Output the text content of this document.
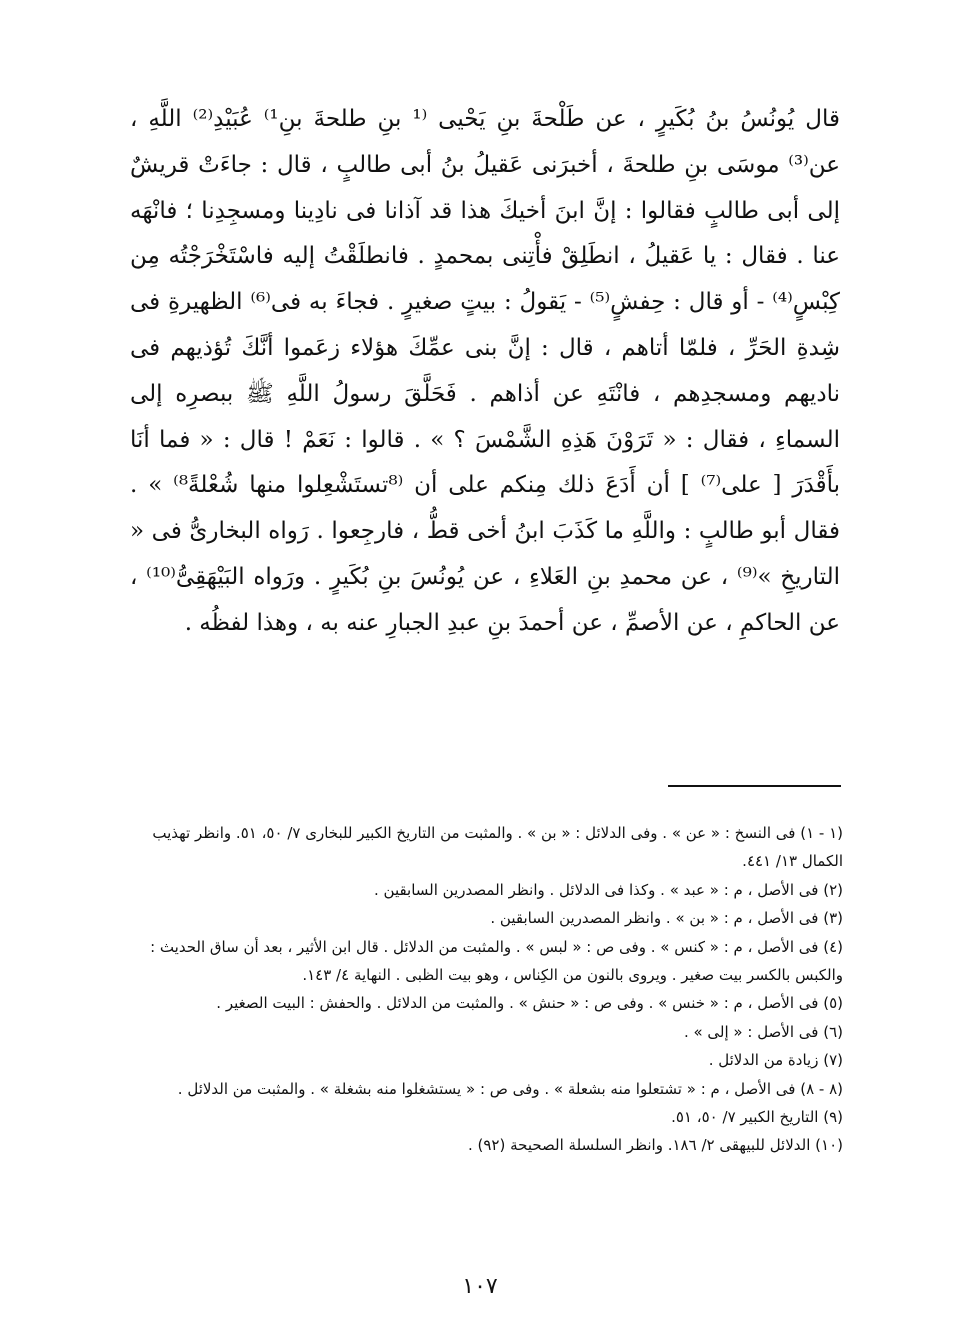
قال يُونُسُ بنُ بُكَيرٍ ، عن طَلْحةَ بنِ يَحْيى ⁽¹ بنِ طلحةَ بنِ¹⁾ عُبَيْدِ⁽²⁾ اللَّهِ ، عن⁽³⁾ موسَى بنِ طلحةَ ، أخبرَنى عَقيلُ بنُ أبى طالبٍ ، قال : جاءَتْ قريشٌ إلى أبى طالبٍ فقالوا : إنَّ ابنَ أخيكَ هذا قد آذانا فى نادِينا ومسجِدِنا ؛ فانْهَه عنا . فقال : يا عَقيلُ ، انطَلِقْ فأْتِنى بمحمدٍ . فانطلَقْتُ إليه فاسْتَخْرَجْتُه مِن كِبْسٍ⁽⁴⁾ - أو قال : حِفشٍ⁽⁵⁾ - يَقولُ : بيتٍ صغيرٍ . فجاءَ به فى⁽⁶⁾ الظهيرةِ فى شِدةِ الحَرِّ ، فلمّا أتاهم ، قال : إنَّ بنى عمِّكَ هؤلاء زعَموا أنَّكَ تُؤذيهم فى ناديهم ومسجدِهم ، فانْتَهِ عن أذاهم . فَحَلَّقَ رسولُ اللَّهِ ﷺ ببصرِه إلى السماءِ ، فقال : « تَرَوْنَ هَذِهِ الشَّمْسَ ؟ » . قالوا : نَعَمْ ! قال : « فما أنَا بأَقْدَرَ [ على⁽⁷⁾ ] أن أَدَعَ ذلك مِنكم على أن ⁽⁸تستَشْعِلوا منها شُعْلةً⁸⁾ » . فقال أبو طالبٍ : واللَّهِ ما كَذَبَ ابنُ أخى قطُّ ، فارجِعوا . رَواه البخارىُّ فى « التاريخِ »⁽⁹⁾ ، عن محمدِ بنِ العَلاءِ ، عن يُونُسَ بنِ بُكَيرٍ . ورَواه البَيْهَقِىُّ⁽¹⁰⁾ ، عن الحاكمِ ، عن الأصمِّ ، عن أحمدَ بنِ عبدِ الجبارِ عنه به ، وهذا لفظُه .

(١ - ١) فى النسخ : « عن » . وفى الدلائل : « بن » . والمثبت من التاريخ الكبير للبخارى ٧/ ٥٠، ٥١. وانظر تهذيب الكمال ١٣/ ٤٤١.
(٢) فى الأصل ، م : « عبد » . وكذا فى الدلائل . وانظر المصدرين السابقين .
(٣) فى الأصل ، م : « بن » . وانظر المصدرين السابقين .
(٤) فى الأصل ، م : « كنس » . وفى ص : « لبس » . والمثبت من الدلائل . قال ابن الأثير ، بعد أن ساق الحديث : والكبس بالكسر بيت صغير . ويروى بالنون من الكِناس ، وهو بيت الظبى . النهاية ٤/ ١٤٣.
(٥) فى الأصل ، م : « خنس » . وفى ص : « حنش » . والمثبت من الدلائل . والحفش : البيت الصغير .
(٦) فى الأصل : « إلى » .
(٧) زيادة من الدلائل .
(٨ - ٨) فى الأصل ، م : « تشتعلوا منه بشعلة » . وفى ص : « يستشغلوا منه بشغلة » . والمثبت من الدلائل .
(٩) التاريخ الكبير ٧/ ٥٠، ٥١.
(١٠) الدلائل للبيهقى ٢/ ١٨٦. وانظر السلسلة الصحيحة (٩٢) .
١٠٧
